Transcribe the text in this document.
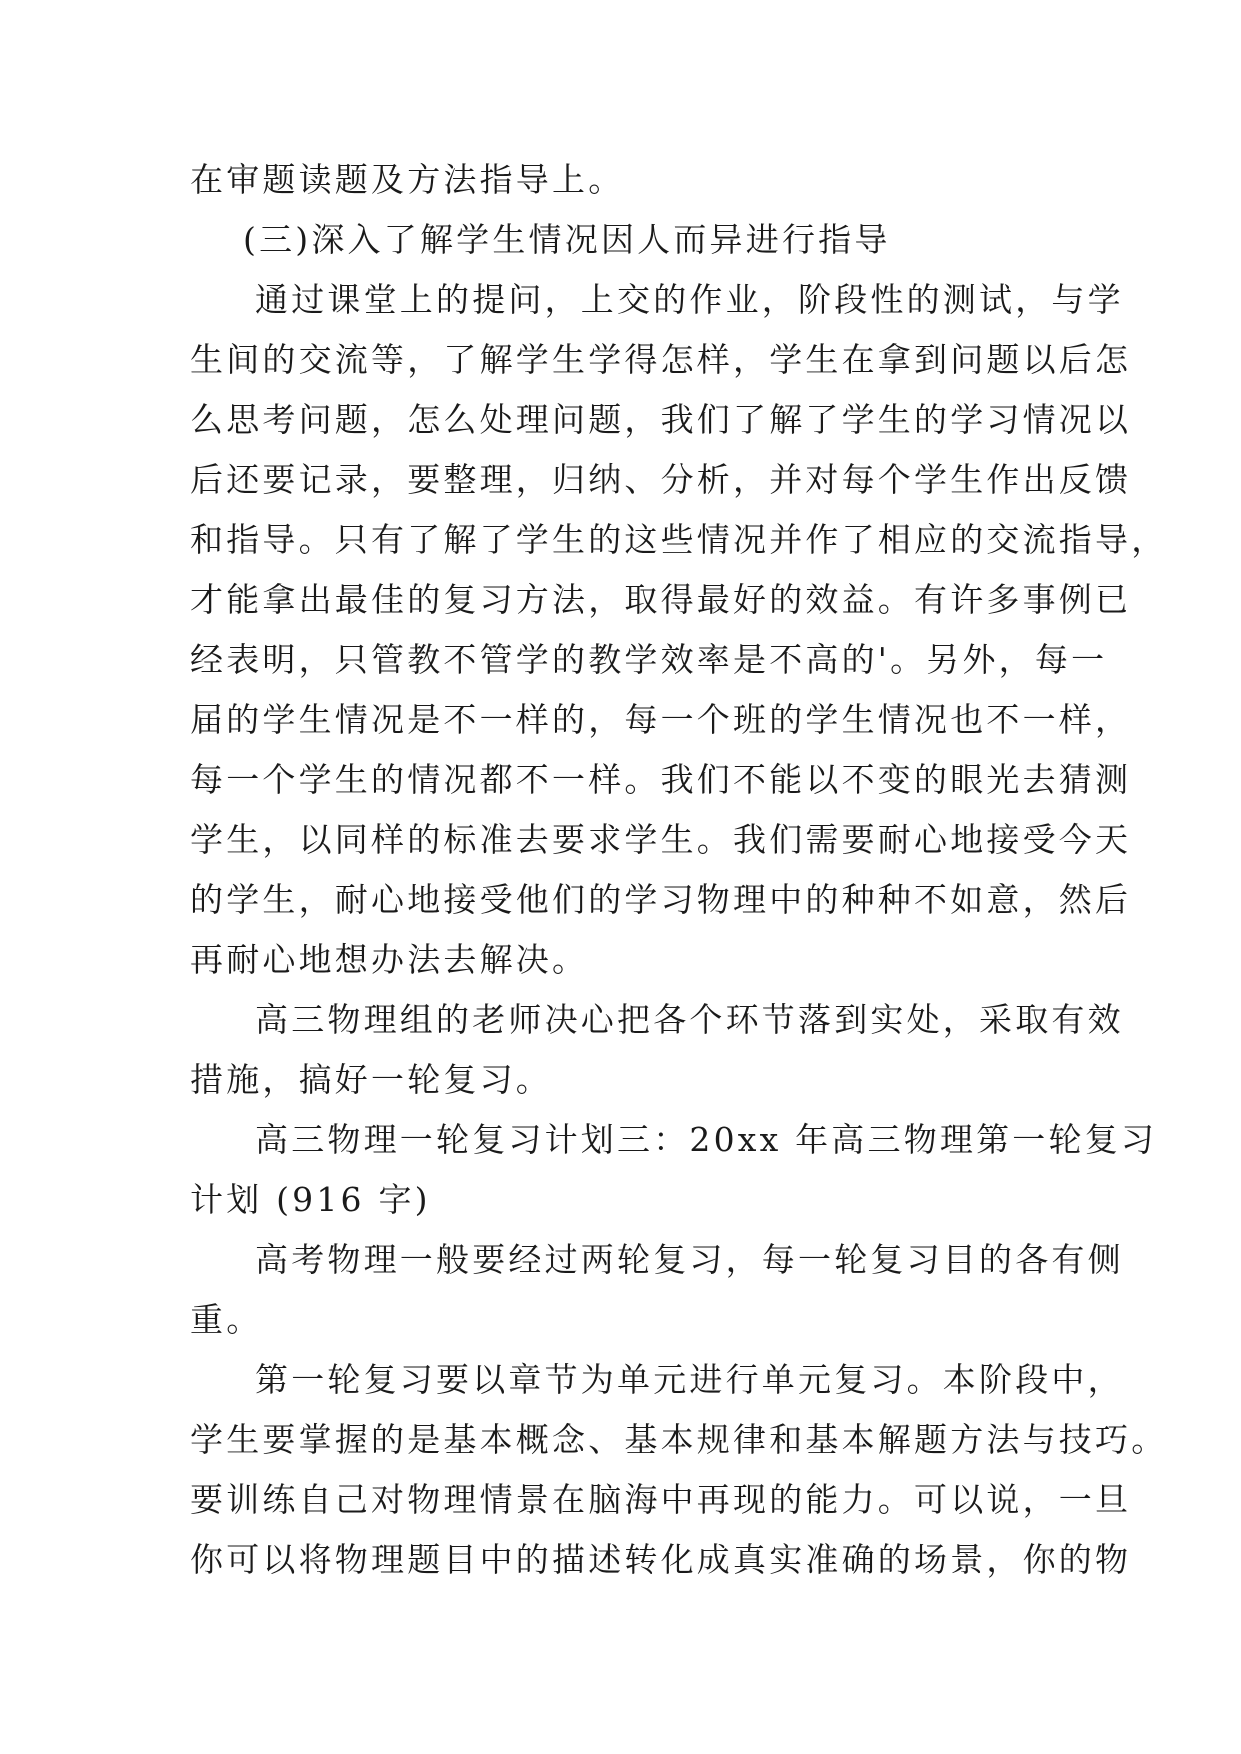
在审题读题及方法指导上。
(三)深入了解学生情况因人而异进行指导
通过课堂上的提问，上交的作业，阶段性的测试，与学
生间的交流等，了解学生学得怎样，学生在拿到问题以后怎
么思考问题，怎么处理问题，我们了解了学生的学习情况以
后还要记录，要整理，归纳、分析，并对每个学生作出反馈
和指导。只有了解了学生的这些情况并作了相应的交流指导，
才能拿出最佳的复习方法，取得最好的效益。有许多事例已
经表明，只管教不管学的教学效率是不高的'。另外，每一
届的学生情况是不一样的，每一个班的学生情况也不一样，
每一个学生的情况都不一样。我们不能以不变的眼光去猜测
学生，以同样的标准去要求学生。我们需要耐心地接受今天
的学生，耐心地接受他们的学习物理中的种种不如意，然后
再耐心地想办法去解决。
高三物理组的老师决心把各个环节落到实处，采取有效
措施，搞好一轮复习。
高三物理一轮复习计划三：20xx 年高三物理第一轮复习
计划 (916 字)
高考物理一般要经过两轮复习，每一轮复习目的各有侧
重。
第一轮复习要以章节为单元进行单元复习。本阶段中，
学生要掌握的是基本概念、基本规律和基本解题方法与技巧。
要训练自己对物理情景在脑海中再现的能力。可以说，一旦
你可以将物理题目中的描述转化成真实准确的场景，你的物
